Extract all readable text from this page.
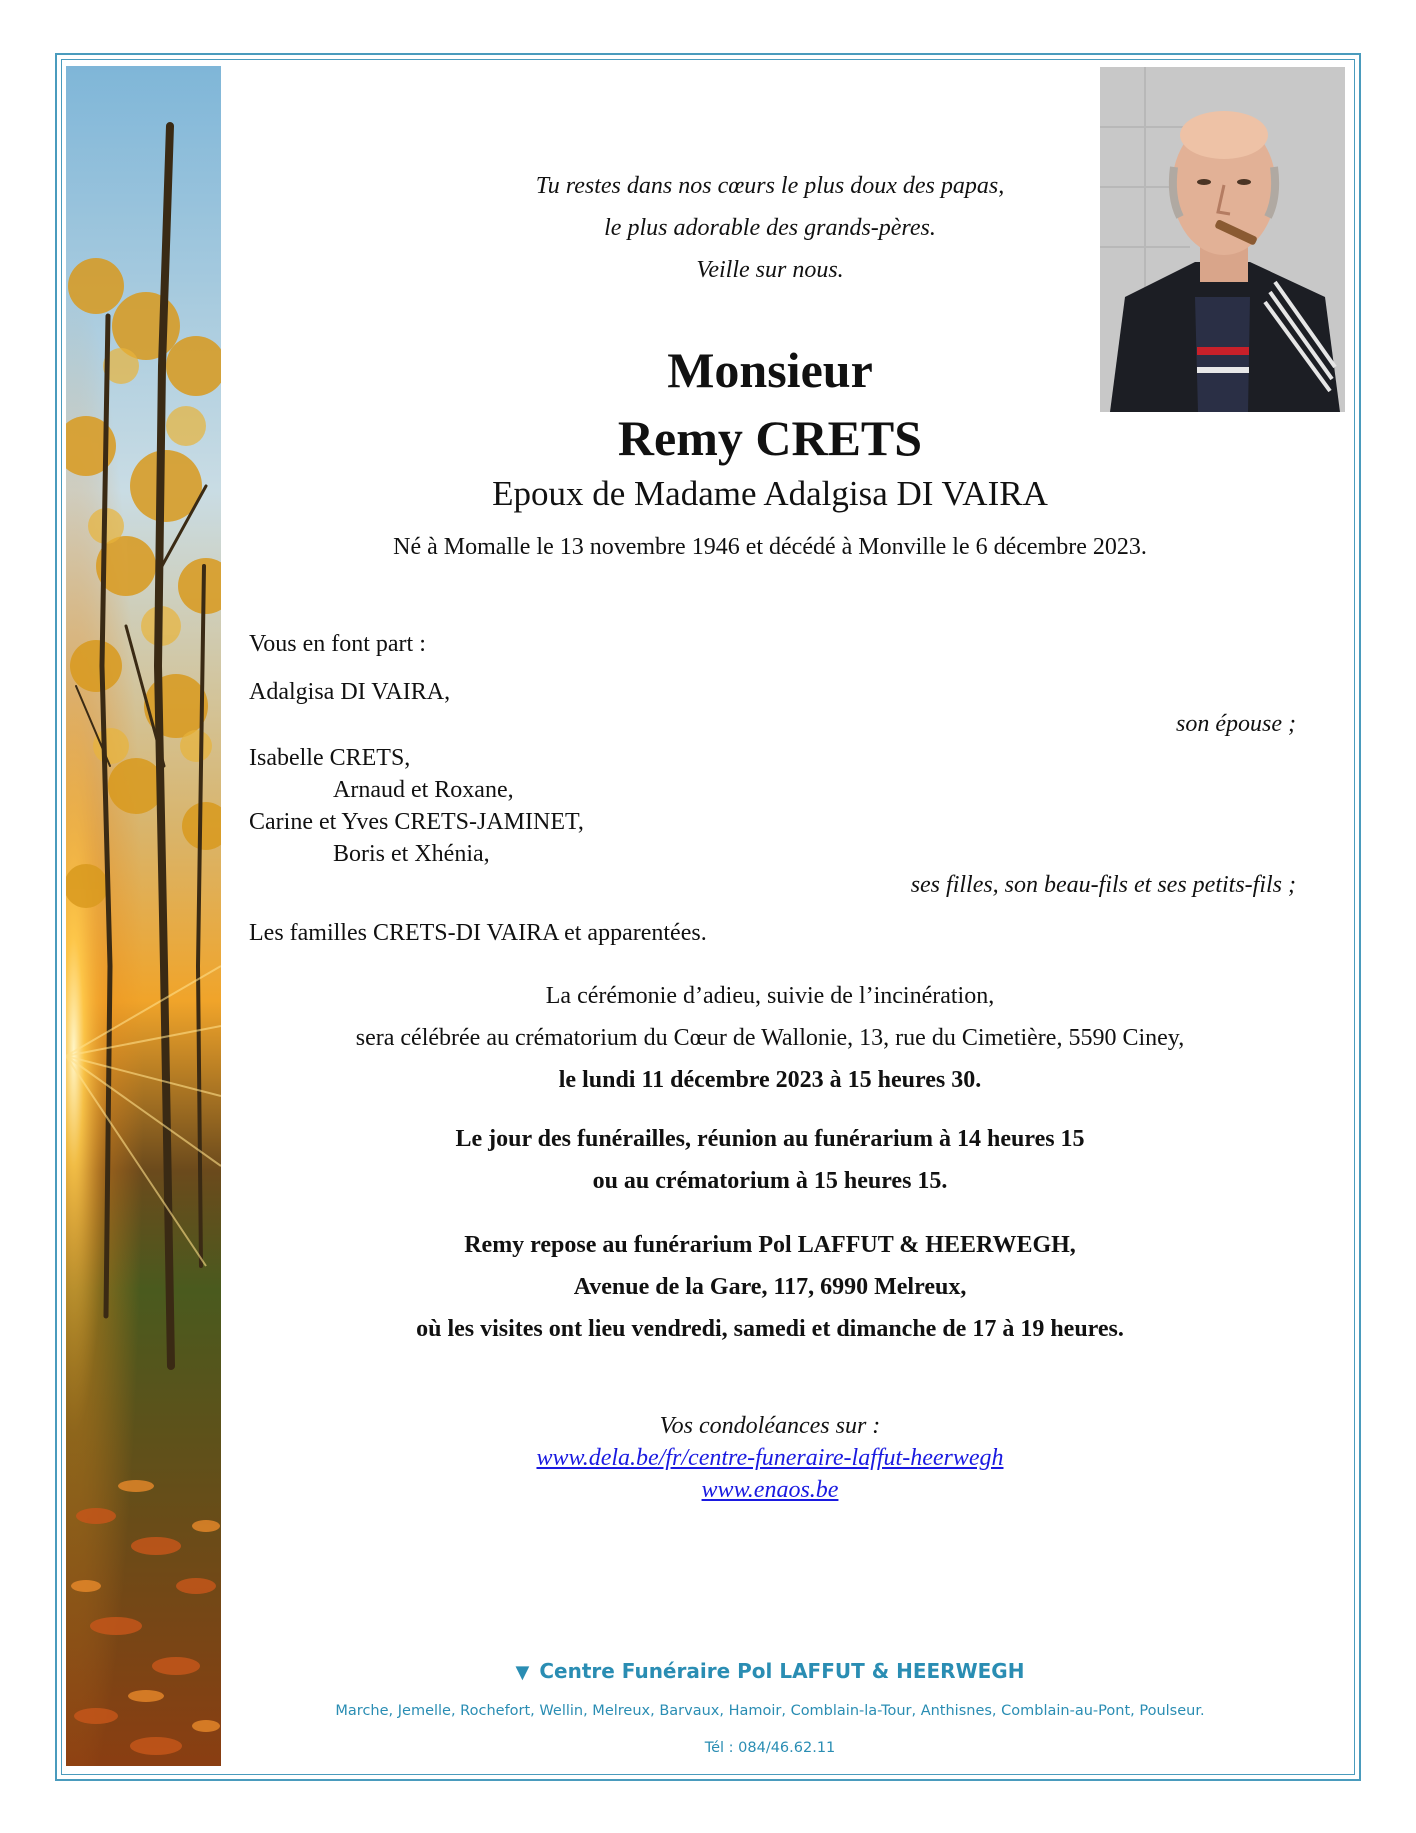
Tu restes dans nos cœurs le plus doux des papas,
le plus adorable des grands-pères.
Veille sur nous.
Monsieur
Remy CRETS
Epoux de Madame Adalgisa DI VAIRA
Né à Momalle le 13 novembre 1946 et décédé à Monville le 6 décembre 2023.
Vous en font part :
Adalgisa DI VAIRA,
son épouse ;
Isabelle CRETS,
Arnaud et Roxane,
Carine et Yves CRETS-JAMINET,
Boris et Xhénia,
ses filles, son beau-fils et ses petits-fils ;
Les familles CRETS-DI VAIRA et apparentées.
La cérémonie d’adieu, suivie de l’incinération,
sera célébrée au crématorium du Cœur de Wallonie, 13, rue du Cimetière, 5590 Ciney,
le lundi 11 décembre 2023 à 15 heures 30.
Le jour des funérailles, réunion au funérarium à 14 heures 15
ou au crématorium à 15 heures 15.
Remy repose au funérarium Pol LAFFUT & HEERWEGH,
Avenue de la Gare, 117, 6990 Melreux,
où les visites ont lieu vendredi, samedi et dimanche de 17 à 19 heures.
Vos condoléances sur :
www.dela.be/fr/centre-funeraire-laffut-heerwegh
www.enaos.be
▼ Centre Funéraire Pol LAFFUT & HEERWEGH
Marche, Jemelle, Rochefort, Wellin, Melreux, Barvaux, Hamoir, Comblain-la-Tour, Anthisnes, Comblain-au-Pont, Poulseur.
Tél : 084/46.62.11
